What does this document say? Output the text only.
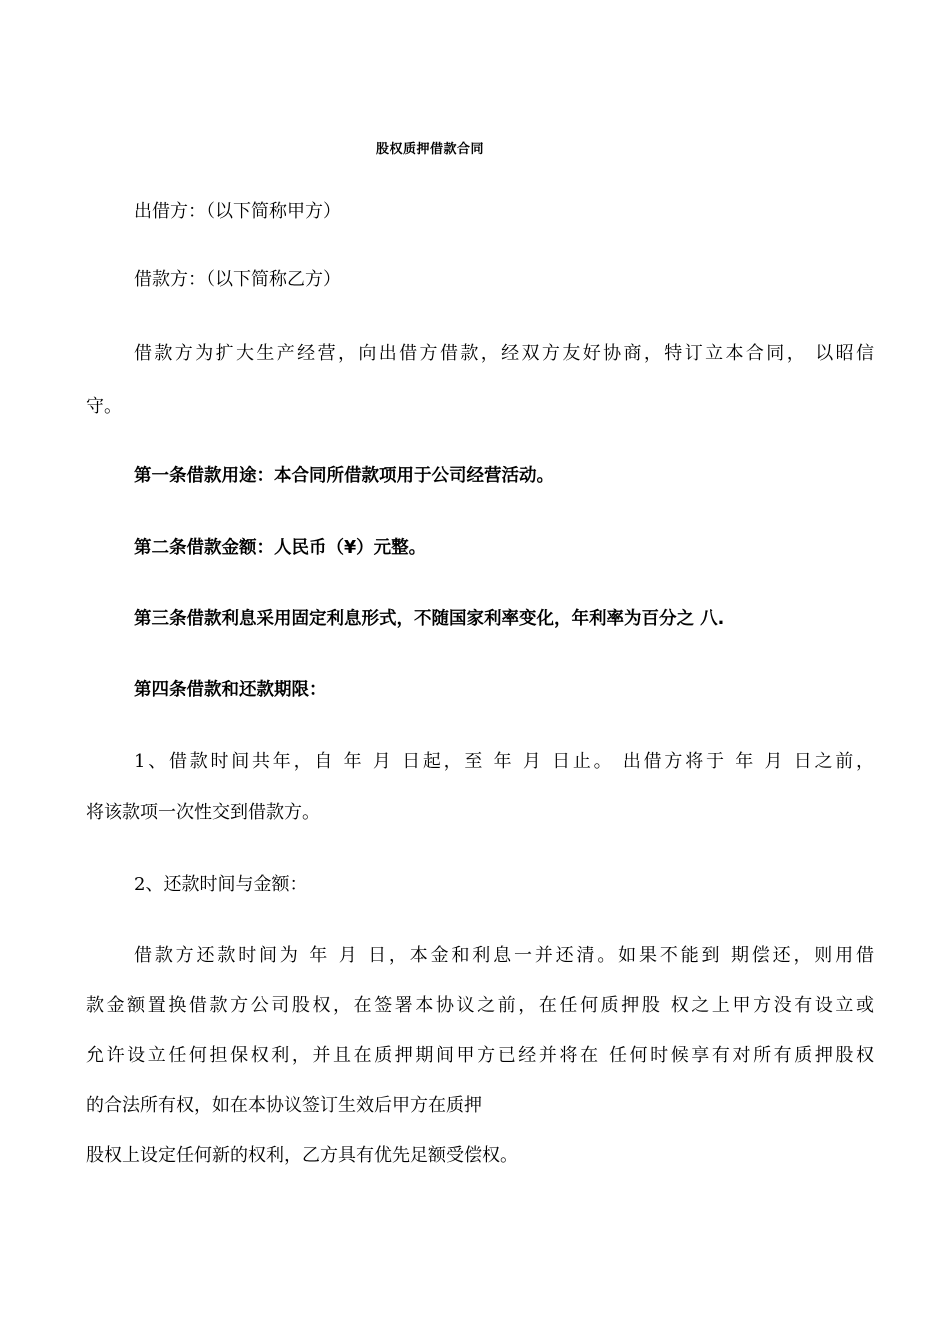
股权质押借款合同
出借方：（以下简称甲方）
借款方：（以下简称乙方）
借款方为扩大生产经营，向出借方借款，经双方友好协商，特订立本合同， 以昭信
守。
第一条借款用途：本合同所借款项用于公司经营活动。
第二条借款金额：人民币（¥）元整。
第三条借款利息采用固定利息形式，不随国家利率变化，年利率为百分之 八.
第四条借款和还款期限：
1、借款时间共年，自 年 月 日起，至 年 月 日止。 出借方将于 年 月 日之前，
将该款项一次性交到借款方。
2、还款时间与金额：
借款方还款时间为 年 月 日，本金和利息一并还清。如果不能到 期偿还，则用借
款金额置换借款方公司股权，在签署本协议之前，在任何质押股 权之上甲方没有设立或
允许设立任何担保权利，并且在质押期间甲方已经并将在 任何时候享有对所有质押股权
的合法所有权，如在本协议签订生效后甲方在质押
股权上设定任何新的权利，乙方具有优先足额受偿权。
